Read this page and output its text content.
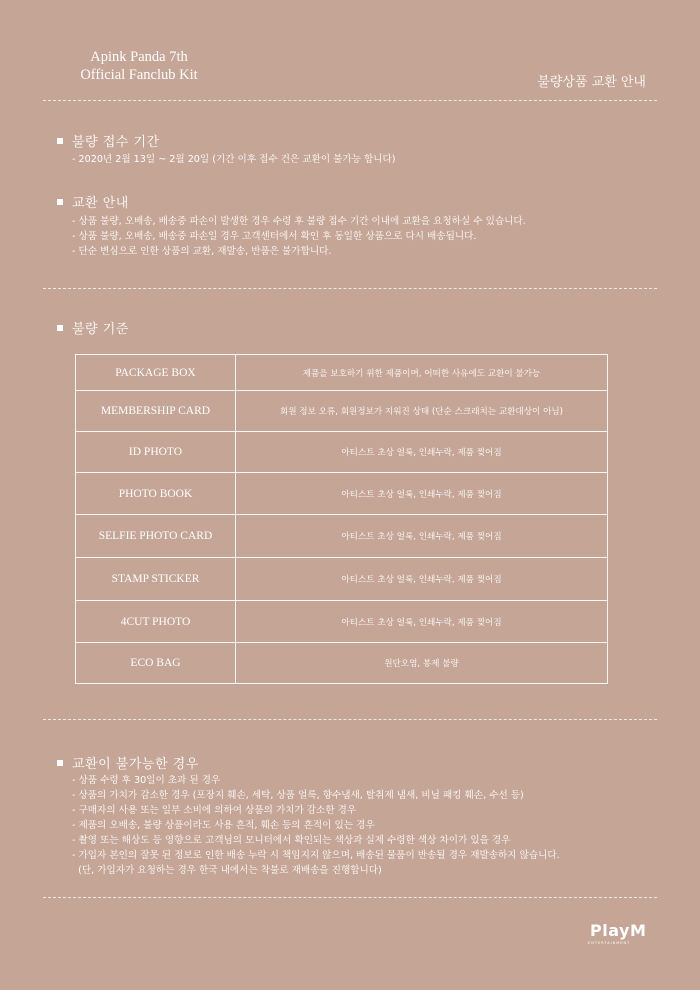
Apink Panda 7th
Official Fanclub Kit	불량상품 교환 안내
불량 접수 기간
- 2020년 2월 13일 ~ 2월 20일 (기간 이후 접수 건은 교환이 불가능 합니다)
교환 안내
- 상품 불량, 오배송, 배송중 파손이 발생한 경우 수령 후 불량 접수 기간 이내에 교환을 요청하실 수 있습니다.
- 상품 불량, 오배송, 배송중 파손일 경우 고객센터에서 확인 후 동일한 상품으로 다시 배송됩니다.
- 단순 변심으로 인한 상품의 교환, 재발송, 반품은 불가합니다.
불량 기준
PACKAGE BOX	제품을 보호하기 위한 제품이며, 어떠한 사유에도 교환이 불가능
MEMBERSHIP CARD	회원 정보 오류, 회원정보가 지워진 상태 (단순 스크래치는 교환대상이 아님)
ID PHOTO	아티스트 초상 얼룩, 인쇄누락, 제품 찢어짐
PHOTO BOOK	아티스트 초상 얼룩, 인쇄누락, 제품 찢어짐
SELFIE PHOTO CARD	아티스트 초상 얼룩, 인쇄누락, 제품 찢어짐
STAMP STICKER	아티스트 초상 얼룩, 인쇄누락, 제품 찢어짐
4CUT PHOTO	아티스트 초상 얼룩, 인쇄누락, 제품 찢어짐
ECO BAG	원단오염, 봉제 불량
교환이 불가능한 경우
- 상품 수령 후 30일이 초과 된 경우
- 상품의 가치가 감소한 경우 (포장지 훼손, 세탁, 상품 얼룩, 향수냄새, 탈취제 냄새, 비닐 패킹 훼손, 수선 등)
- 구매자의 사용 또는 일부 소비에 의하여 상품의 가치가 감소한 경우
- 제품의 오배송, 불량 상품이라도 사용 흔적, 훼손 등의 흔적이 있는 경우
- 촬영 또는 해상도 등 영향으로 고객님의 모니터에서 확인되는 색상과 실제 수령한 색상 차이가 있을 경우
- 가입자 본인의 잘못 된 정보로 인한 배송 누락 시 책임지지 않으며, 배송된 물품이 반송될 경우 재발송하지 않습니다.
(단, 가입자가 요청하는 경우 한국 내에서는 착불로 재배송을 진행합니다)
PlayM
ENTERTAINMENT
